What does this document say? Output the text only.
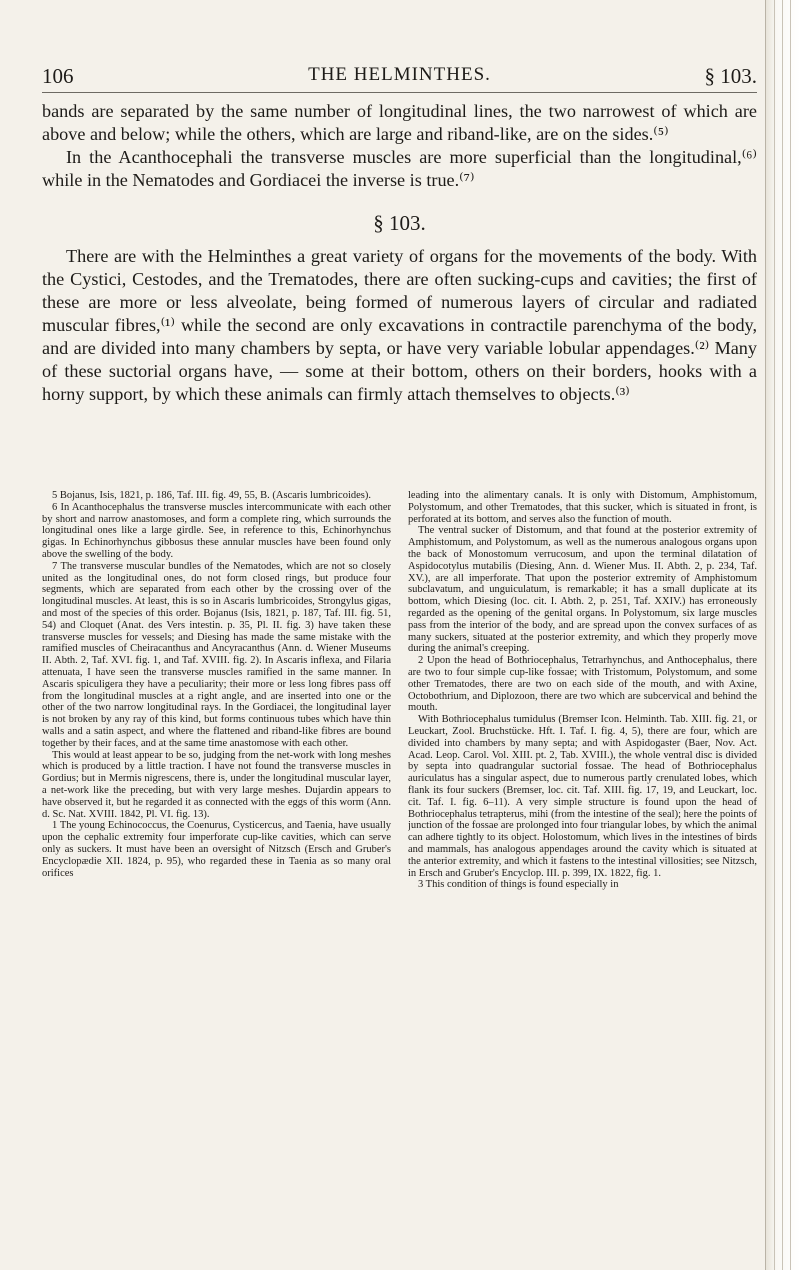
106	THE HELMINTHES.	§ 103.

bands are separated by the same number of longitudinal lines, the two narrowest of which are above and below; while the others, which are large and riband-like, are on the sides.⁽⁵⁾

In the Acanthocephali the transverse muscles are more superficial than the longitudinal,⁽⁶⁾ while in the Nematodes and Gordiacei the inverse is true.⁽⁷⁾

§ 103.

There are with the Helminthes a great variety of organs for the movements of the body. With the Cystici, Cestodes, and the Trematodes, there are often sucking-cups and cavities; the first of these are more or less alveolate, being formed of numerous layers of circular and radiated muscular fibres,⁽¹⁾ while the second are only excavations in contractile parenchyma of the body, and are divided into many chambers by septa, or have very variable lobular appendages.⁽²⁾ Many of these suctorial organs have, — some at their bottom, others on their borders, hooks with a horny support, by which these animals can firmly attach themselves to objects.⁽³⁾

5 Bojanus, Isis, 1821, p. 186, Taf. III. fig. 49, 55, B. (Ascaris lumbricoides).

6 In Acanthocephalus the transverse muscles intercommunicate with each other by short and narrow anastomoses, and form a complete ring, which surrounds the longitudinal ones like a large girdle. See, in reference to this, Echinorhynchus gigas. In Echinorhynchus gibbosus these annular muscles have been found only above the swelling of the body.

7 The transverse muscular bundles of the Nematodes, which are not so closely united as the longitudinal ones, do not form closed rings, but produce four segments, which are separated from each other by the crossing over of the longitudinal muscles. At least, this is so in Ascaris lumbricoides, Strongylus gigas, and most of the species of this order. Bojanus (Isis, 1821, p. 187, Taf. III. fig. 51, 54) and Cloquet (Anat. des Vers intestin. p. 35, Pl. II. fig. 3) have taken these transverse muscles for vessels; and Diesing has made the same mistake with the ramified muscles of Cheiracanthus and Ancyracanthus (Ann. d. Wiener Museums II. Abth. 2, Taf. XVI. fig. 1, and Taf. XVIII. fig. 2). In Ascaris inflexa, and Filaria attenuata, I have seen the transverse muscles ramified in the same manner. In Ascaris spiculigera they have a peculiarity; their more or less long fibres pass off from the longitudinal muscles at a right angle, and are inserted into one or the other of the two narrow longitudinal rays. In the Gordiacei, the longitudinal layer is not broken by any ray of this kind, but forms continuous tubes which have thin walls and a satin aspect, and where the flattened and riband-like fibres are bound together by their faces, and at the same time anastomose with each other.

This would at least appear to be so, judging from the net-work with long meshes which is produced by a little traction. I have not found the transverse muscles in Gordius; but in Mermis nigrescens, there is, under the longitudinal muscular layer, a net-work like the preceding, but with very large meshes. Dujardin appears to have observed it, but he regarded it as connected with the eggs of this worm (Ann. d. Sc. Nat. XVIII. 1842, Pl. VI. fig. 13).

1 The young Echinococcus, the Coenurus, Cysticercus, and Taenia, have usually upon the cephalic extremity four imperforate cup-like cavities, which can serve only as suckers. It must have been an oversight of Nitzsch (Ersch and Gruber's Encyclopædie XII. 1824, p. 95), who regarded these in Taenia as so many oral orifices

leading into the alimentary canals. It is only with Distomum, Amphistomum, Polystomum, and other Trematodes, that this sucker, which is situated in front, is perforated at its bottom, and serves also the function of mouth.

The ventral sucker of Distomum, and that found at the posterior extremity of Amphistomum, and Polystomum, as well as the numerous analogous organs upon the back of Monostomum verrucosum, and upon the terminal dilatation of Aspidocotylus mutabilis (Diesing, Ann. d. Wiener Mus. II. Abth. 2, p. 234, Taf. XV.), are all imperforate. That upon the posterior extremity of Amphistomum subclavatum, and unguiculatum, is remarkable; it has a small duplicate at its bottom, which Diesing (loc. cit. I. Abth. 2, p. 251, Taf. XXIV.) has erroneously regarded as the opening of the genital organs. In Polystomum, six large muscles pass from the interior of the body, and are spread upon the convex surfaces of as many suckers, situated at the posterior extremity, and which they properly move during the animal's creeping.

2 Upon the head of Bothriocephalus, Tetrarhynchus, and Anthocephalus, there are two to four simple cup-like fossae; with Tristomum, Polystomum, and some other Trematodes, there are two on each side of the mouth, and with Axine, Octobothrium, and Diplozoon, there are two which are subcervical and behind the mouth.

With Bothriocephalus tumidulus (Bremser Icon. Helminth. Tab. XIII. fig. 21, or Leuckart, Zool. Bruchstücke. Hft. I. Taf. I. fig. 4, 5), there are four, which are divided into chambers by many septa; and with Aspidogaster (Baer, Nov. Act. Acad. Leop. Carol. Vol. XIII. pt. 2, Tab. XVIII.), the whole ventral disc is divided by septa into quadrangular suctorial fossae. The head of Bothriocephalus auriculatus has a singular aspect, due to numerous partly crenulated lobes, which flank its four suckers (Bremser, loc. cit. Taf. XIII. fig. 17, 19, and Leuckart, loc. cit. Taf. I. fig. 6–11). A very simple structure is found upon the head of Bothriocephalus tetrapterus, mihi (from the intestine of the seal); here the points of junction of the fossae are prolonged into four triangular lobes, by which the animal can adhere tightly to its object. Holostomum, which lives in the intestines of birds and mammals, has analogous appendages around the cavity which is situated at the anterior extremity, and which it fastens to the intestinal villosities; see Nitzsch, in Ersch and Gruber's Encyclop. III. p. 399, IX. 1822, fig. 1.

3 This condition of things is found especially in
